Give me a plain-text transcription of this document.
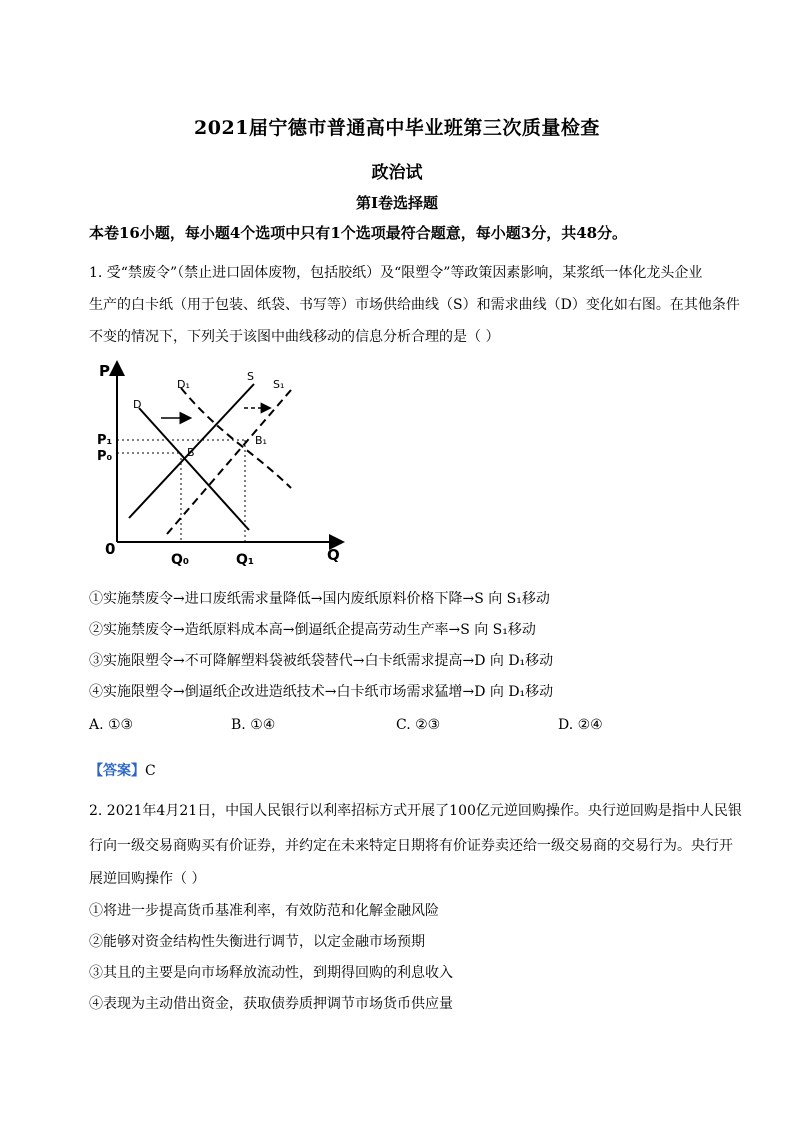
2021届宁德市普通高中毕业班第三次质量检查
政治试
第I卷选择题
本卷16小题，每小题4个选项中只有1个选项最符合题意，每小题3分，共48分。
1. 受“禁废令”（禁止进口固体废物，包括胶纸）及“限塑令”等政策因素影响，某浆纸一体化龙头企业
生产的白卡纸（用于包装、纸袋、书写等）市场供给曲线（S）和需求曲线（D）变化如右图。在其他条件
不变的情况下，下列关于该图中曲线移动的信息分析合理的是（ ）
P
Q
0
P₁
P₀
Q₀	Q₁
D
D₁
S
S₁
B
B₁
①实施禁废令→进口废纸需求量降低→国内废纸原料价格下降→S 向 S₁移动
②实施禁废令→造纸原料成本高→倒逼纸企提高劳动生产率→S 向 S₁移动
③实施限塑令→不可降解塑料袋被纸袋替代→白卡纸需求提高→D 向 D₁移动
④实施限塑令→倒逼纸企改进造纸技术→白卡纸市场需求猛增→D 向 D₁移动
A. ①③	B. ①④	C. ②③	D. ②④
【答案】C
2. 2021年4月21日，中国人民银行以利率招标方式开展了100亿元逆回购操作。央行逆回购是指中人民银
行向一级交易商购买有价证券，并约定在未来特定日期将有价证券卖还给一级交易商的交易行为。央行开
展逆回购操作（ ）
①将进一步提高货币基准利率，有效防范和化解金融风险
②能够对资金结构性失衡进行调节，以定金融市场预期
③其且的主要是向市场释放流动性，到期得回购的利息收入
④表现为主动借出资金，获取债券质押调节市场货币供应量
